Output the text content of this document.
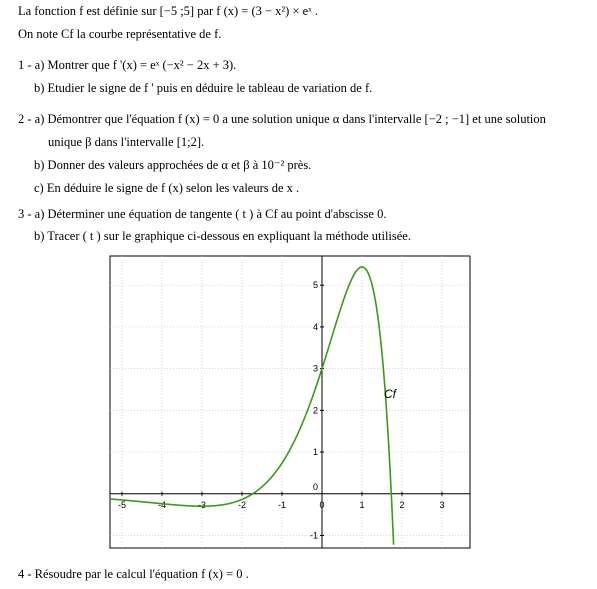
La fonction f est définie sur [−5 ;5] par f (x) = (3 − x²) × eˣ .
On note Cf la courbe représentative de f.
1 - a) Montrer que f '(x) = eˣ (−x² − 2x + 3).
b) Etudier le signe de f ' puis en déduire le tableau de variation de f.
2 - a) Démontrer que l'équation f (x) = 0 a une solution unique α dans l'intervalle [−2 ; −1] et une solution
unique β dans l'intervalle [1;2].
b) Donner des valeurs approchées de α et β à 10⁻² près.
c) En déduire le signe de f (x) selon les valeurs de x .
3 - a) Déterminer une équation de tangente ( t ) à Cf au point d'abscisse 0.
b) Tracer ( t ) sur le graphique ci-dessous en expliquant la méthode utilisée.
-5	-4	-3	-2	-1	0	1	2	3
-1
1
2
3
4
5
0
Cf
4 - Résoudre par le calcul l'équation f (x) = 0 .
